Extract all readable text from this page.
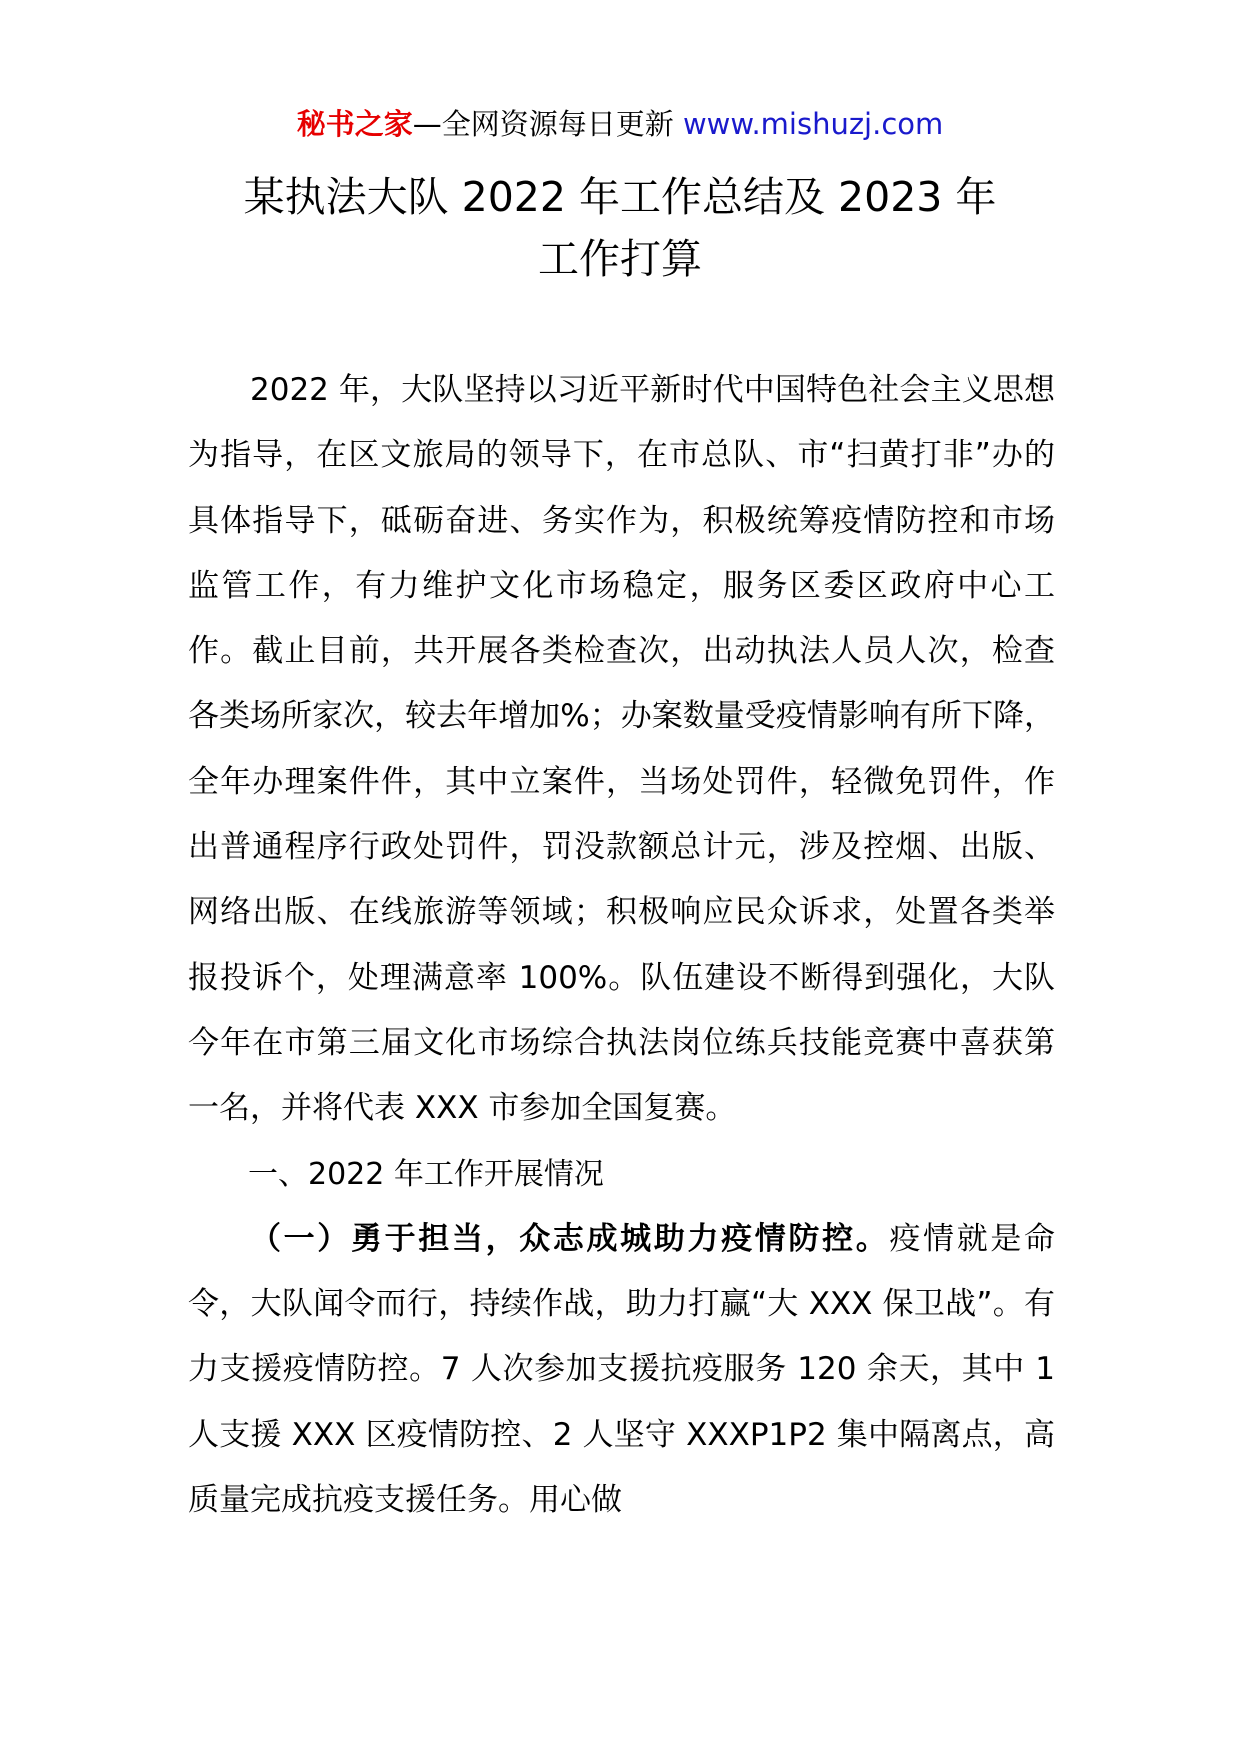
秘书之家—全网资源每日更新 www.mishuzj.com
某执法大队 2022 年工作总结及 2023 年
工作打算

2022 年，大队坚持以习近平新时代中国特色社会主义思想为指导，在区文旅局的领导下，在市总队、市“扫黄打非”办的具体指导下，砥砺奋进、务实作为，积极统筹疫情防控和市场监管工作，有力维护文化市场稳定，服务区委区政府中心工作。截止目前，共开展各类检查次，出动执法人员人次，检查各类场所家次，较去年增加%；办案数量受疫情影响有所下降，全年办理案件件，其中立案件，当场处罚件，轻微免罚件，作出普通程序行政处罚件，罚没款额总计元，涉及控烟、出版、网络出版、在线旅游等领域；积极响应民众诉求，处置各类举报投诉个，处理满意率 100%。队伍建设不断得到强化，大队今年在市第三届文化市场综合执法岗位练兵技能竞赛中喜获第一名，并将代表 XXX 市参加全国复赛。

一、2022 年工作开展情况

（一）勇于担当，众志成城助力疫情防控。疫情就是命令，大队闻令而行，持续作战，助力打赢“大 XXX 保卫战”。有力支援疫情防控。7 人次参加支援抗疫服务 120 余天，其中 1 人支援 XXX 区疫情防控、2 人坚守 XXXP1P2 集中隔离点，高质量完成抗疫支援任务。用心做
